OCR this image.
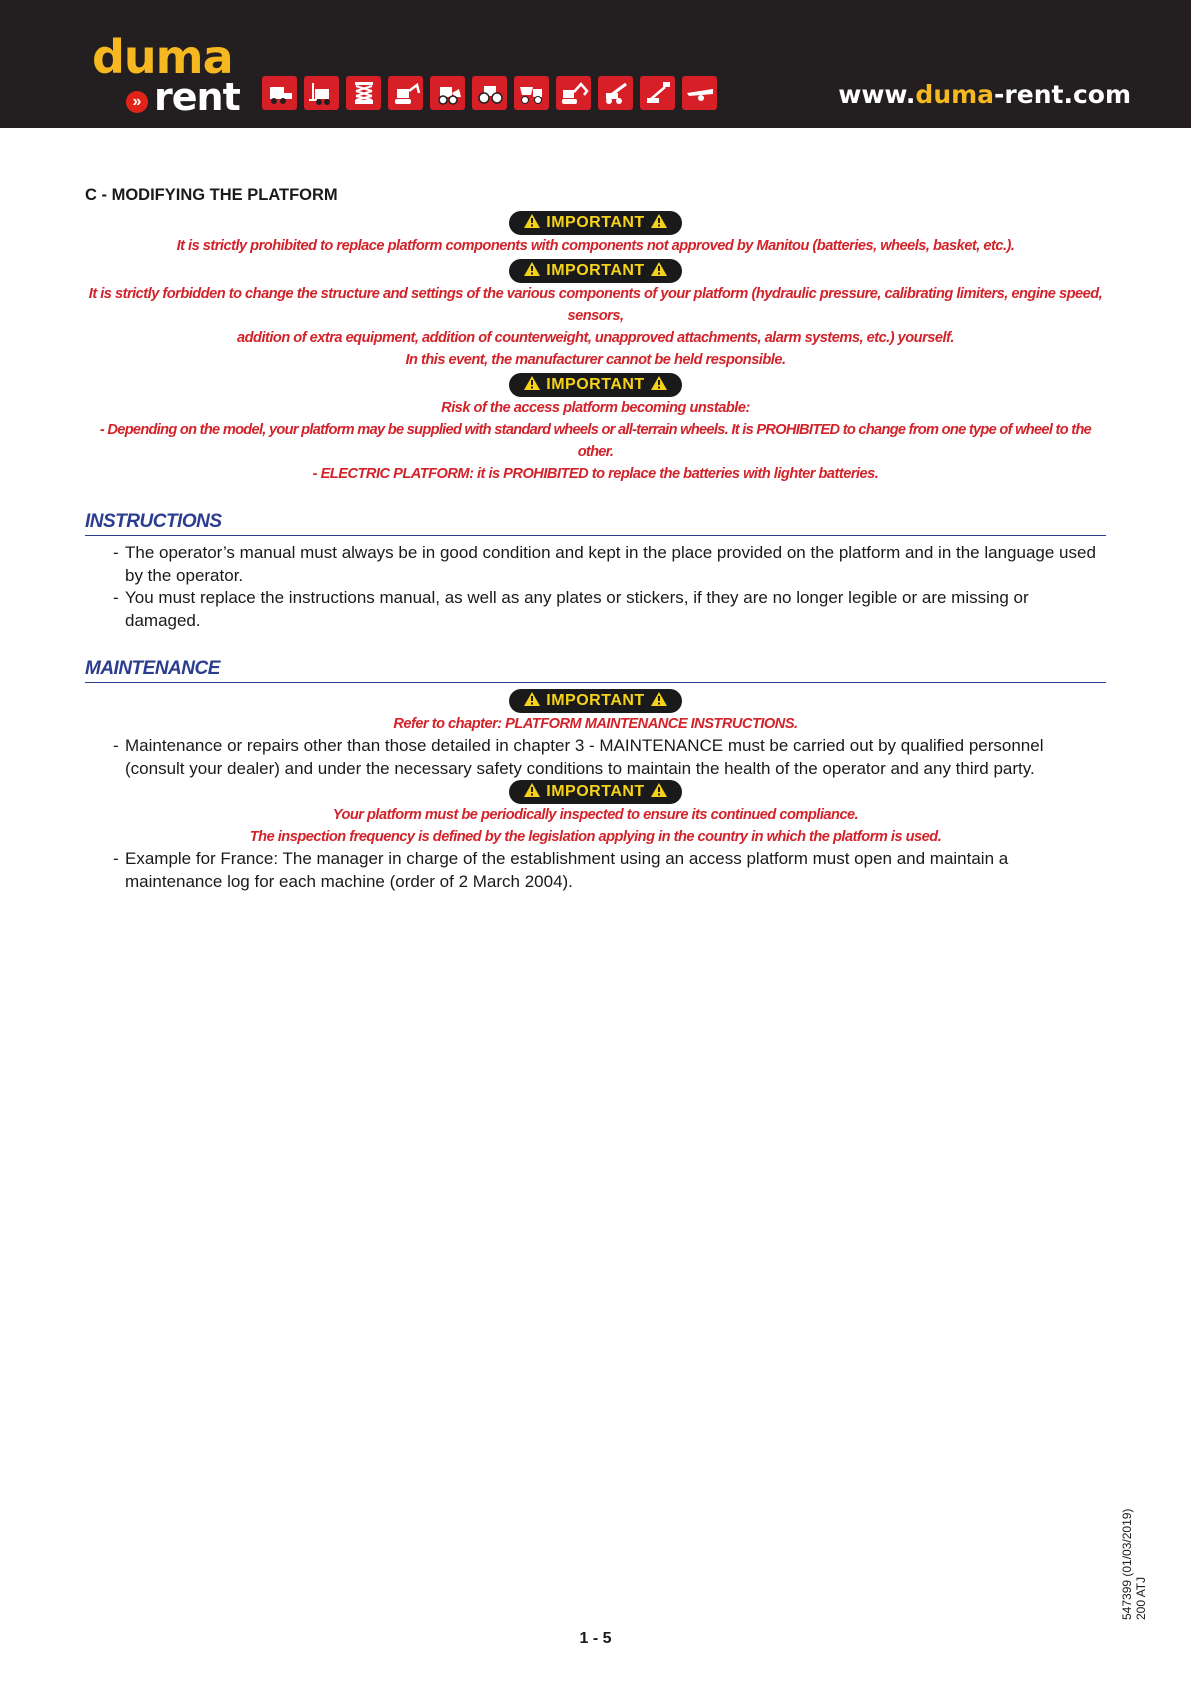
duma
» rent	www.duma-rent.com
C - MODIFYING THE PLATFORM
IMPORTANT

It is strictly prohibited to replace platform components with components not approved by Manitou (batteries, wheels, basket, etc.).

IMPORTANT

It is strictly forbidden to change the structure and settings of the various components of your platform (hydraulic pressure, calibrating limiters, engine speed, sensors,

addition of extra equipment, addition of counterweight, unapproved attachments, alarm systems, etc.) yourself.

In this event, the manufacturer cannot be held responsible.

IMPORTANT

Risk of the access platform becoming unstable:

- Depending on the model, your platform may be supplied with standard wheels or all-terrain wheels. It is PROHIBITED to change from one type of wheel to the other.

- ELECTRIC PLATFORM: it is PROHIBITED to replace the batteries with lighter batteries.

INSTRUCTIONS
- The operator’s manual must always be in good condition and kept in the place provided on the platform and in the language used by the operator.
- You must replace the instructions manual, as well as any plates or stickers, if they are no longer legible or are missing or damaged.
MAINTENANCE
IMPORTANT

Refer to chapter: PLATFORM MAINTENANCE INSTRUCTIONS.

- Maintenance or repairs other than those detailed in chapter 3 - MAINTENANCE must be carried out by qualified personnel (consult your dealer) and under the necessary safety conditions to maintain the health of the operator and any third party.
IMPORTANT

Your platform must be periodically inspected to ensure its continued compliance.

The inspection frequency is defined by the legislation applying in the country in which the platform is used.

- Example for France: The manager in charge of the establishment using an access platform must open and maintain a maintenance log for each machine (order of 2 March 2004).
547399 (01/03/2019) 200 ATJ
1 - 5
